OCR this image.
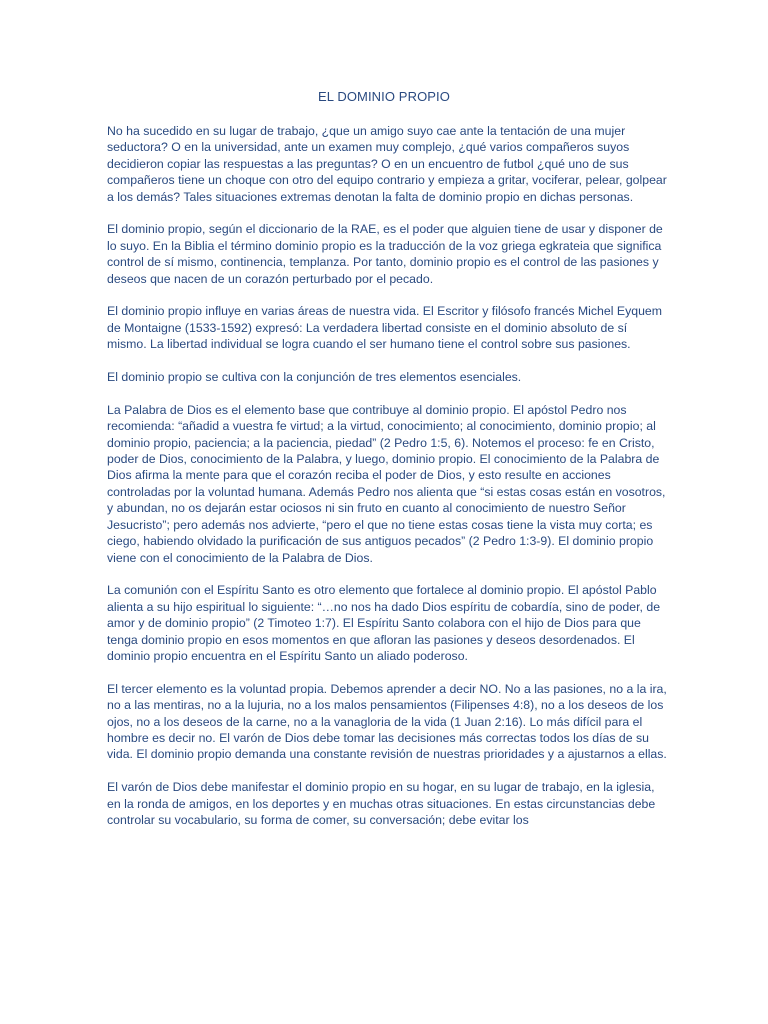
EL DOMINIO PROPIO

No ha sucedido en su lugar de trabajo, ¿que un amigo suyo cae ante la tentación de una mujer seductora? O en la universidad, ante un examen muy complejo, ¿qué varios compañeros suyos decidieron copiar las respuestas a las preguntas? O en un encuentro de futbol ¿qué uno de sus compañeros tiene un choque con otro del equipo contrario y empieza a gritar, vociferar, pelear, golpear a los demás? Tales situaciones extremas denotan la falta de dominio propio en dichas personas.

El dominio propio, según el diccionario de la RAE, es el poder que alguien tiene de usar y disponer de lo suyo. En la Biblia el término dominio propio es la traducción de la voz griega egkrateia que significa control de sí mismo, continencia, templanza. Por tanto, dominio propio es el control de las pasiones y deseos que nacen de un corazón perturbado por el pecado.

El dominio propio influye en varias áreas de nuestra vida. El Escritor y filósofo francés Michel Eyquem de Montaigne (1533-1592) expresó: La verdadera libertad consiste en el dominio absoluto de sí mismo. La libertad individual se logra cuando el ser humano tiene el control sobre sus pasiones.

El dominio propio se cultiva con la conjunción de tres elementos esenciales.

La Palabra de Dios es el elemento base que contribuye al dominio propio. El apóstol Pedro nos recomienda: “añadid a vuestra fe virtud; a la virtud, conocimiento; al conocimiento, dominio propio; al dominio propio, paciencia; a la paciencia, piedad” (2 Pedro 1:5, 6). Notemos el proceso: fe en Cristo, poder de Dios, conocimiento de la Palabra, y luego, dominio propio. El conocimiento de la Palabra de Dios afirma la mente para que el corazón reciba el poder de Dios, y esto resulte en acciones controladas por la voluntad humana. Además Pedro nos alienta que “si estas cosas están en vosotros, y abundan, no os dejarán estar ociosos ni sin fruto en cuanto al conocimiento de nuestro Señor Jesucristo”; pero además nos advierte, “pero el que no tiene estas cosas tiene la vista muy corta; es ciego, habiendo olvidado la purificación de sus antiguos pecados” (2 Pedro 1:3-9). El dominio propio viene con el conocimiento de la Palabra de Dios.

La comunión con el Espíritu Santo es otro elemento que fortalece al dominio propio. El apóstol Pablo alienta a su hijo espiritual lo siguiente: “…no nos ha dado Dios espíritu de cobardía, sino de poder, de amor y de dominio propio” (2 Timoteo 1:7). El Espíritu Santo colabora con el hijo de Dios para que tenga dominio propio en esos momentos en que afloran las pasiones y deseos desordenados. El dominio propio encuentra en el Espíritu Santo un aliado poderoso.

El tercer elemento es la voluntad propia. Debemos aprender a decir NO. No a las pasiones, no a la ira, no a las mentiras, no a la lujuria, no a los malos pensamientos (Filipenses 4:8), no a los deseos de los ojos, no a los deseos de la carne, no a la vanagloria de la vida (1 Juan 2:16). Lo más difícil para el hombre es decir no. El varón de Dios debe tomar las decisiones más correctas todos los días de su vida. El dominio propio demanda una constante revisión de nuestras prioridades y a ajustarnos a ellas.

El varón de Dios debe manifestar el dominio propio en su hogar, en su lugar de trabajo, en la iglesia, en la ronda de amigos, en los deportes y en muchas otras situaciones. En estas circunstancias debe controlar su vocabulario, su forma de comer, su conversación; debe evitar los
